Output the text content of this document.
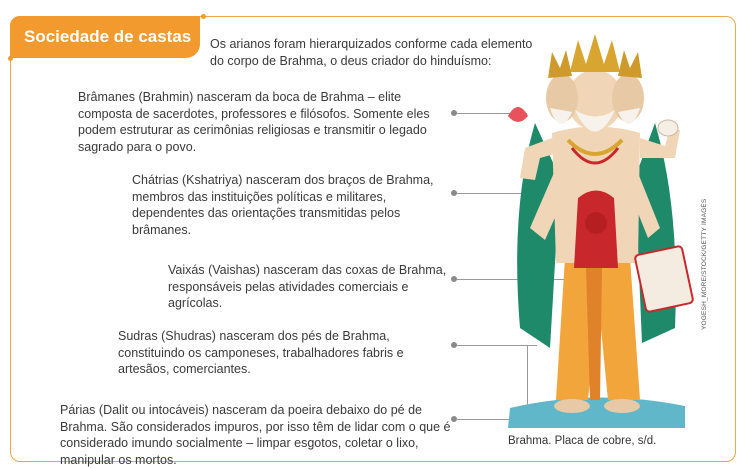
Sociedade de castas	Os arianos foram hierarquizados conforme cada elemento do corpo de Brahma, o deus criador do hinduísmo:
Brâmanes (Brahmin) nasceram da boca de Brahma – elite composta de sacerdotes, professores e filósofos. Somente eles podem estruturar as cerimônias religiosas e transmitir o legado sagrado para o povo.
Chátrias (Kshatriya) nasceram dos braços de Brahma, membros das instituições políticas e militares, dependentes das orientações transmitidas pelos brâmanes.
Vaixás (Vaishas) nasceram das coxas de Brahma, responsáveis pelas atividades comerciais e agrícolas.
Sudras (Shudras) nasceram dos pés de Brahma, constituindo os camponeses, trabalhadores fabris e artesãos, comerciantes.
Párias (Dalit ou intocáveis) nasceram da poeira debaixo do pé de Brahma. São considerados impuros, por isso têm de lidar com o que é considerado imundo socialmente – limpar esgotos, coletar o lixo, manipular os mortos.
YOGESH_MORE/STOCK/GETTY IMAGES
Brahma. Placa de cobre, s/d.
